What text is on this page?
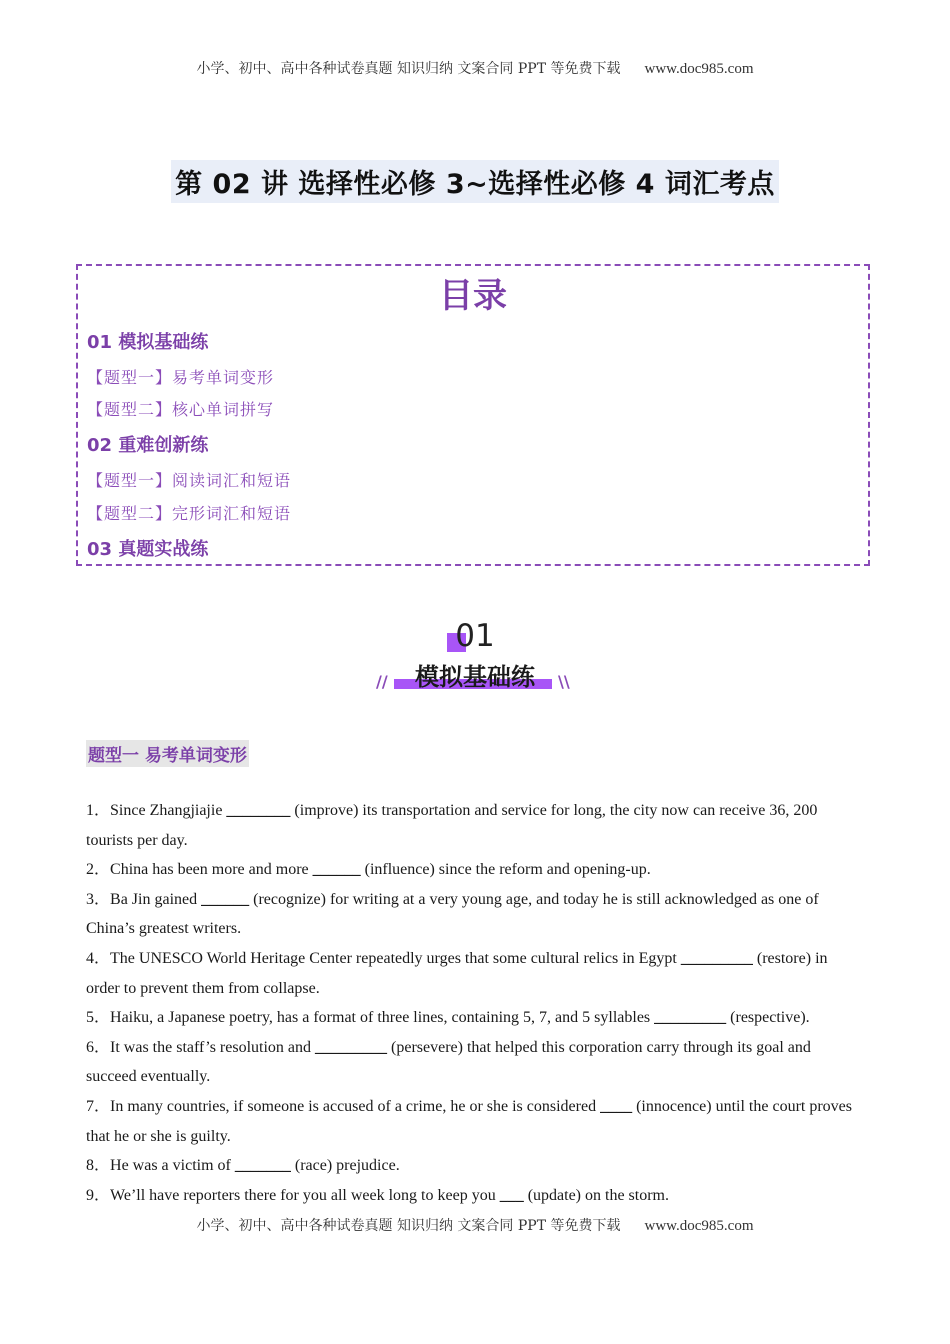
小学、初中、高中各种试卷真题 知识归纳 文案合同 PPT 等免费下载 www.doc985.com
第 02 讲 选择性必修 3~选择性必修 4 词汇考点
目录
01 模拟基础练
【题型一】易考单词变形
【题型二】核心单词拼写
02 重难创新练
【题型一】阅读词汇和短语
【题型二】完形词汇和短语
03 真题实战练
01
模拟基础练
//	\\
题型一 易考单词变形

1．Since Zhangjiajie ________ (improve) its transportation and service for long, the city now can receive 36, 200 tourists per day.

2．China has been more and more ______ (influence) since the reform and opening-up.

3．Ba Jin gained ______ (recognize) for writing at a very young age, and today he is still acknowledged as one of China’s greatest writers.

4．The UNESCO World Heritage Center repeatedly urges that some cultural relics in Egypt _________ (restore) in order to prevent them from collapse.

5．Haiku, a Japanese poetry, has a format of three lines, containing 5, 7, and 5 syllables _________ (respective).

6．It was the staff’s resolution and _________ (persevere) that helped this corporation carry through its goal and succeed eventually.

7．In many countries, if someone is accused of a crime, he or she is considered ____ (innocence) until the court proves that he or she is guilty.

8．He was a victim of _______ (race) prejudice.

9．We’ll have reporters there for you all week long to keep you ___ (update) on the storm.

小学、初中、高中各种试卷真题 知识归纳 文案合同 PPT 等免费下载 www.doc985.com
